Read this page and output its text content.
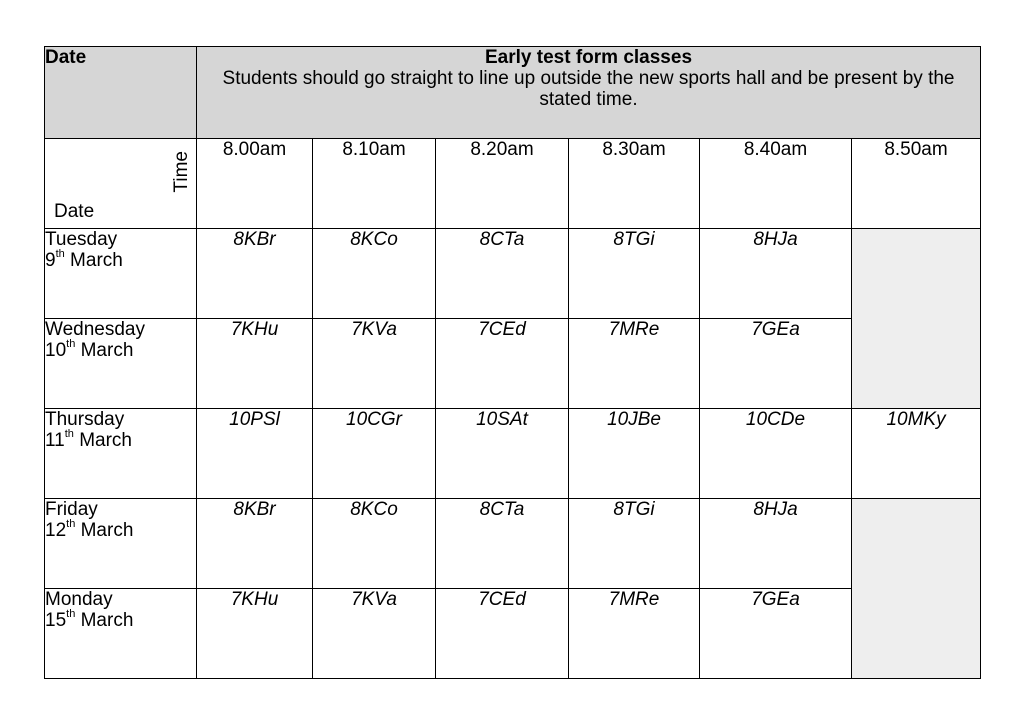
Date	Early test form classes
Students should go straight to line up outside the new sports hall and be present by the stated time.					

Time
Date	8.00am	8.10am	8.20am	8.30am	8.40am	8.50am

Tuesday
9th March	8KBr	8KCo	8CTa	8TGi	8HJa	

Wednesday
10th March	7KHu	7KVa	7CEd	7MRe	7GEa	

Thursday
11th March	10PSl	10CGr	10SAt	10JBe	10CDe	10MKy

Friday
12th March	8KBr	8KCo	8CTa	8TGi	8HJa	

Monday
15th March	7KHu	7KVa	7CEd	7MRe	7GEa	
